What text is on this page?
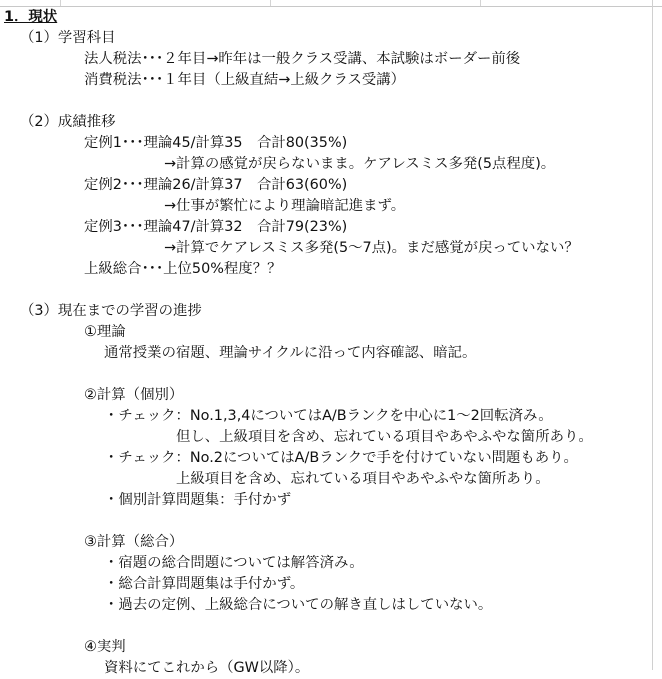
1．現状
（1）学習科目
法人税法･･･２年目→昨年は一般クラス受講、本試験はボーダー前後
消費税法･･･１年目（上級直結→上級クラス受講）
（2）成績推移
定例1･･･理論45/計算35　合計80(35%)
→計算の感覚が戻らないまま。ケアレスミス多発(5点程度)。
定例2･･･理論26/計算37　合計63(60%)
→仕事が繁忙により理論暗記進まず。
定例3･･･理論47/計算32　合計79(23%)
→計算でケアレスミス多発(5～7点)。まだ感覚が戻っていない？
上級総合･･･上位50%程度？？
（3）現在までの学習の進捗
①理論
通常授業の宿題、理論サイクルに沿って内容確認、暗記。
②計算（個別）
・チェック：No.1,3,4についてはA/Bランクを中心に1～2回転済み。
但し、上級項目を含め、忘れている項目やあやふやな箇所あり。
・チェック：No.2についてはA/Bランクで手を付けていない問題もあり。
上級項目を含め、忘れている項目やあやふやな箇所あり。
・個別計算問題集：手付かず
③計算（総合）
・宿題の総合問題については解答済み。
・総合計算問題集は手付かず。
・過去の定例、上級総合についての解き直しはしていない。
④実判
資料にてこれから（GW以降）。
